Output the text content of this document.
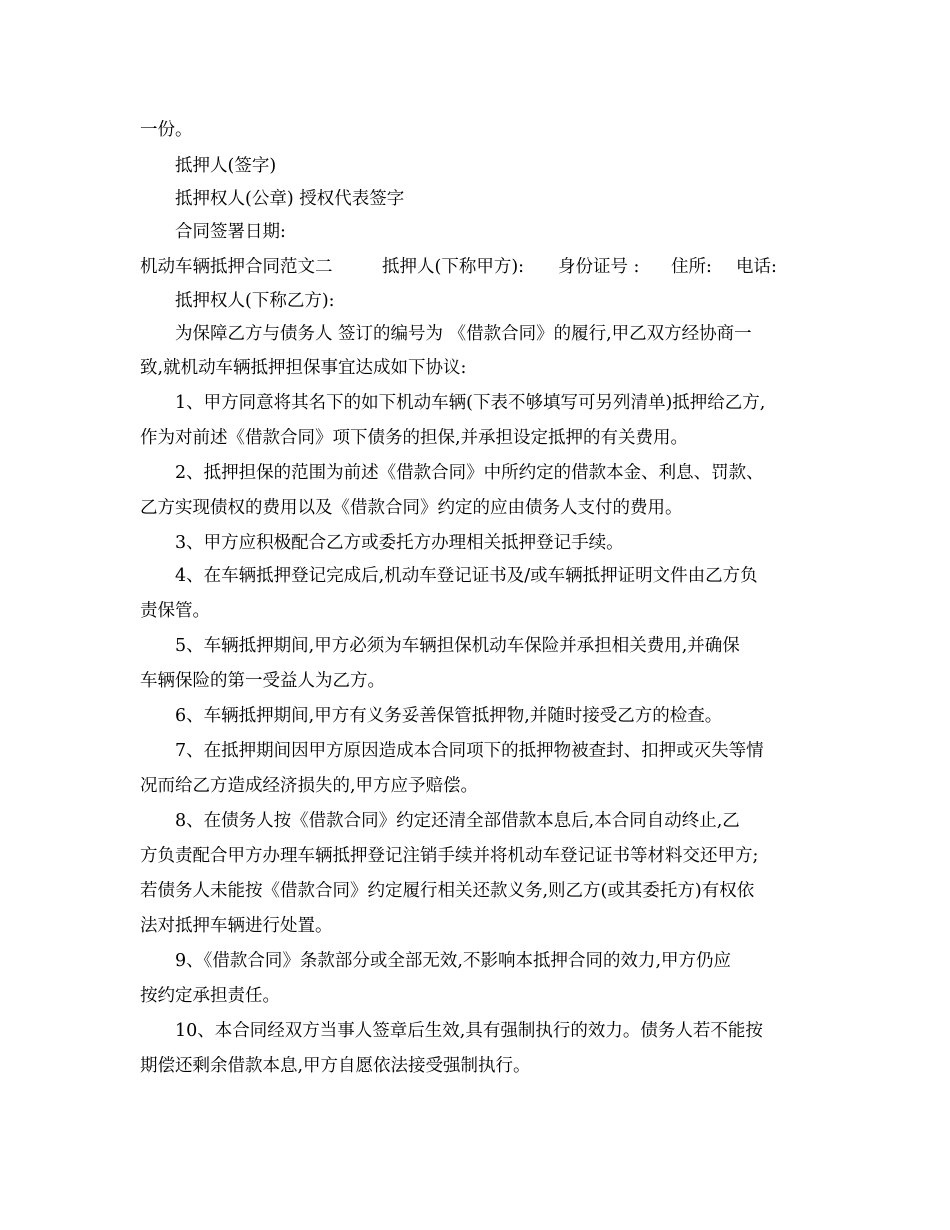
一份。
抵押人(签字)
抵押权人(公章) 授权代表签字
合同签署日期:
机动车辆抵押合同范文二	抵押人(下称甲方): 身份证号 : 住所: 电话:
抵押权人(下称乙方):
为保障乙方与债务人 签订的编号为 《借款合同》的履行,甲乙双方经协商一
致,就机动车辆抵押担保事宜达成如下协议:
1、甲方同意将其名下的如下机动车辆(下表不够填写可另列清单)抵押给乙方,
作为对前述《借款合同》项下债务的担保,并承担设定抵押的有关费用。
2、抵押担保的范围为前述《借款合同》中所约定的借款本金、利息、罚款、
乙方实现债权的费用以及《借款合同》约定的应由债务人支付的费用。
3、甲方应积极配合乙方或委托方办理相关抵押登记手续。
4、在车辆抵押登记完成后,机动车登记证书及/或车辆抵押证明文件由乙方负
责保管。
5、车辆抵押期间,甲方必须为车辆担保机动车保险并承担相关费用,并确保
车辆保险的第一受益人为乙方。
6、车辆抵押期间,甲方有义务妥善保管抵押物,并随时接受乙方的检查。
7、在抵押期间因甲方原因造成本合同项下的抵押物被查封、扣押或灭失等情
况而给乙方造成经济损失的,甲方应予赔偿。
8、在债务人按《借款合同》约定还清全部借款本息后,本合同自动终止,乙
方负责配合甲方办理车辆抵押登记注销手续并将机动车登记证书等材料交还甲方;
若债务人未能按《借款合同》约定履行相关还款义务,则乙方(或其委托方)有权依
法对抵押车辆进行处置。
9、《借款合同》条款部分或全部无效,不影响本抵押合同的效力,甲方仍应
按约定承担责任。
10、本合同经双方当事人签章后生效,具有强制执行的效力。债务人若不能按
期偿还剩余借款本息,甲方自愿依法接受强制执行。
